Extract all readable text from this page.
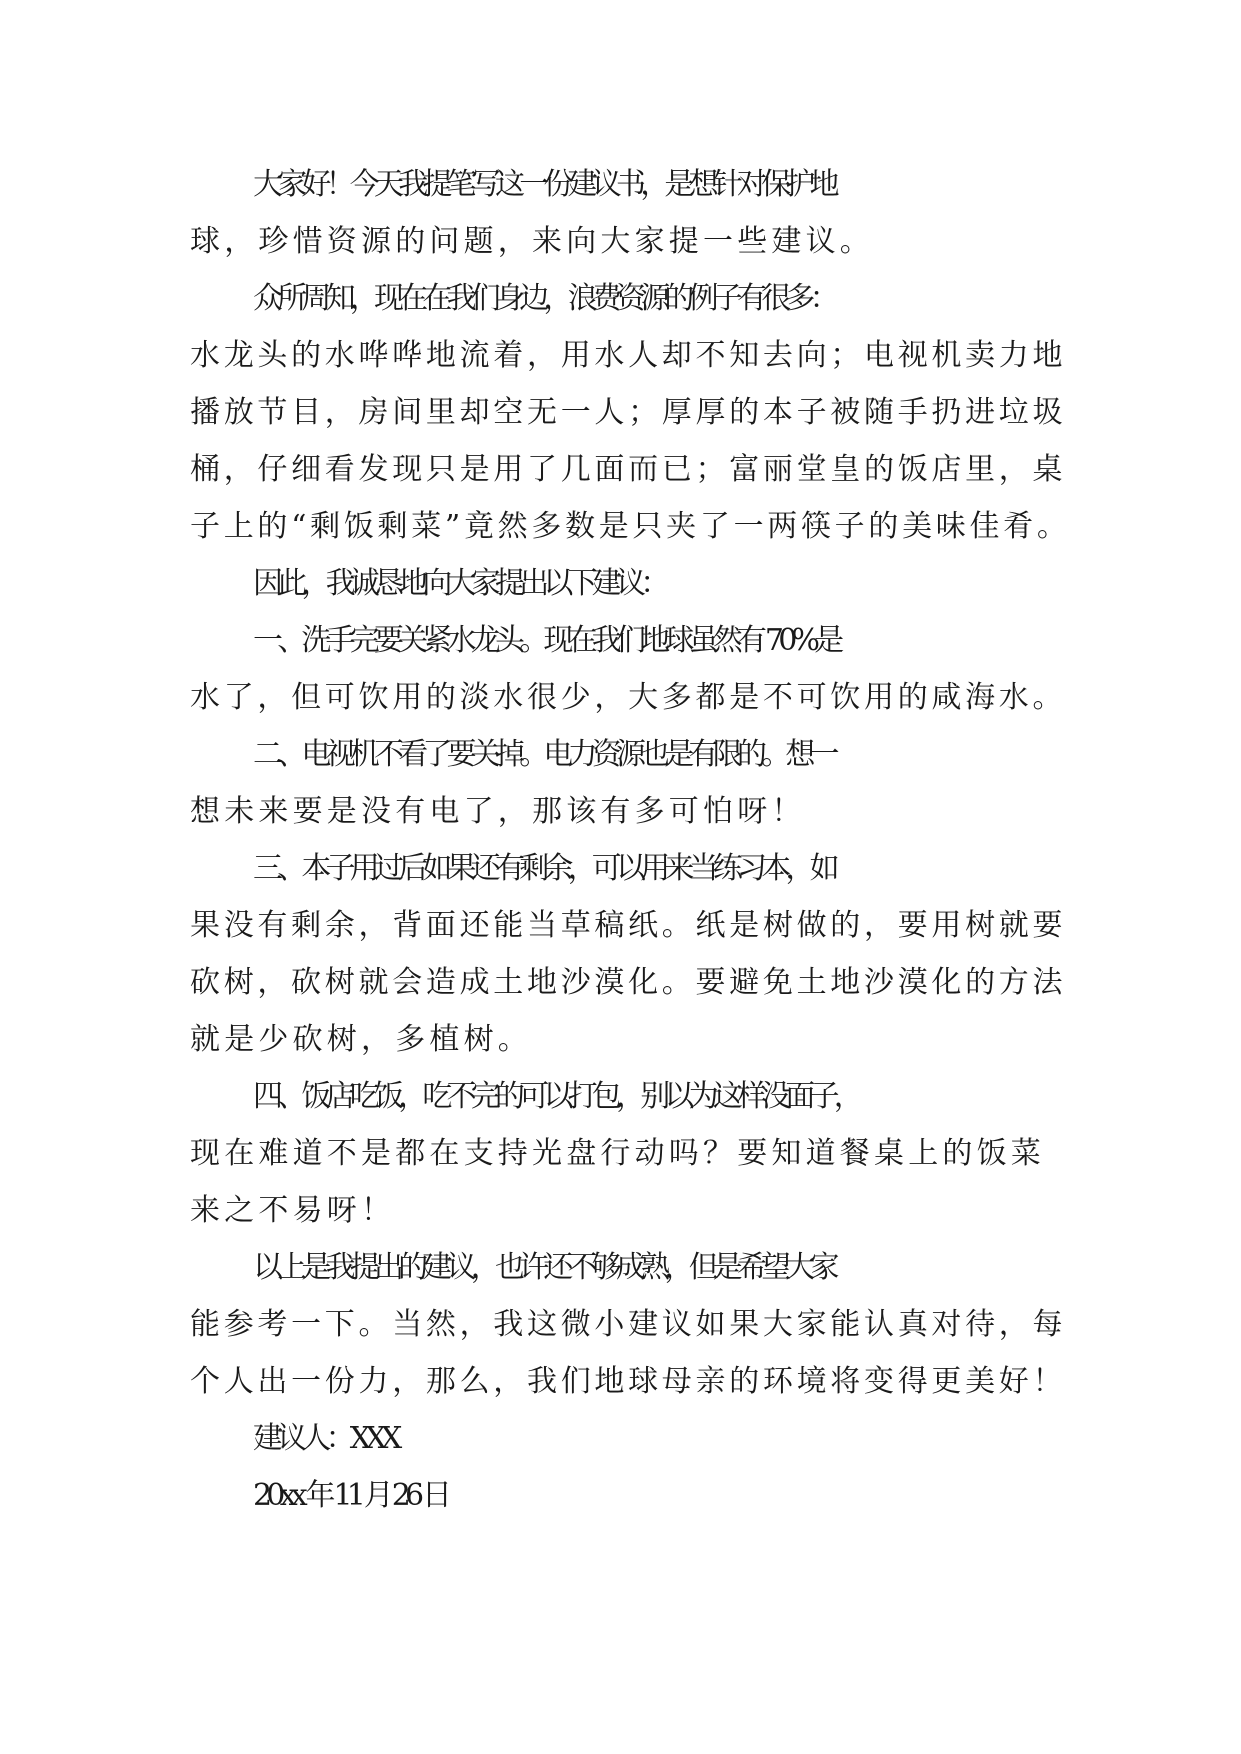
大家好！今天我提笔写这一份建议书，是想针对保护地
球，珍惜资源的问题，来向大家提一些建议。

众所周知，现在在我们身边，浪费资源的例子有很多：
水龙头的水哗哗地流着，用水人却不知去向；电视机卖力地
播放节目，房间里却空无一人；厚厚的本子被随手扔进垃圾
桶，仔细看发现只是用了几面而已；富丽堂皇的饭店里，桌
子上的“剩饭剩菜”竟然多数是只夹了一两筷子的美味佳肴。

因此，我诚恳地向大家提出以下建议：

一、洗手完要关紧水龙头。现在我们地球虽然有 70%是
水了，但可饮用的淡水很少，大多都是不可饮用的咸海水。

二、电视机不看了要关掉。电力资源也是有限的。想一
想未来要是没有电了，那该有多可怕呀！

三、本子用过后如果还有剩余，可以用来当练习本，如
果没有剩余，背面还能当草稿纸。纸是树做的，要用树就要
砍树，砍树就会造成土地沙漠化。要避免土地沙漠化的方法
就是少砍树，多植树。

四、饭店吃饭，吃不完的可以打包，别以为这样没面子，
现在难道不是都在支持光盘行动吗？要知道餐桌上的饭菜
来之不易呀！

以上是我提出的建议，也许还不够成熟，但是希望大家
能参考一下。当然，我这微小建议如果大家能认真对待，每
个人出一份力，那么，我们地球母亲的环境将变得更美好！

建议人：XXX

20xx 年 11 月 26 日
